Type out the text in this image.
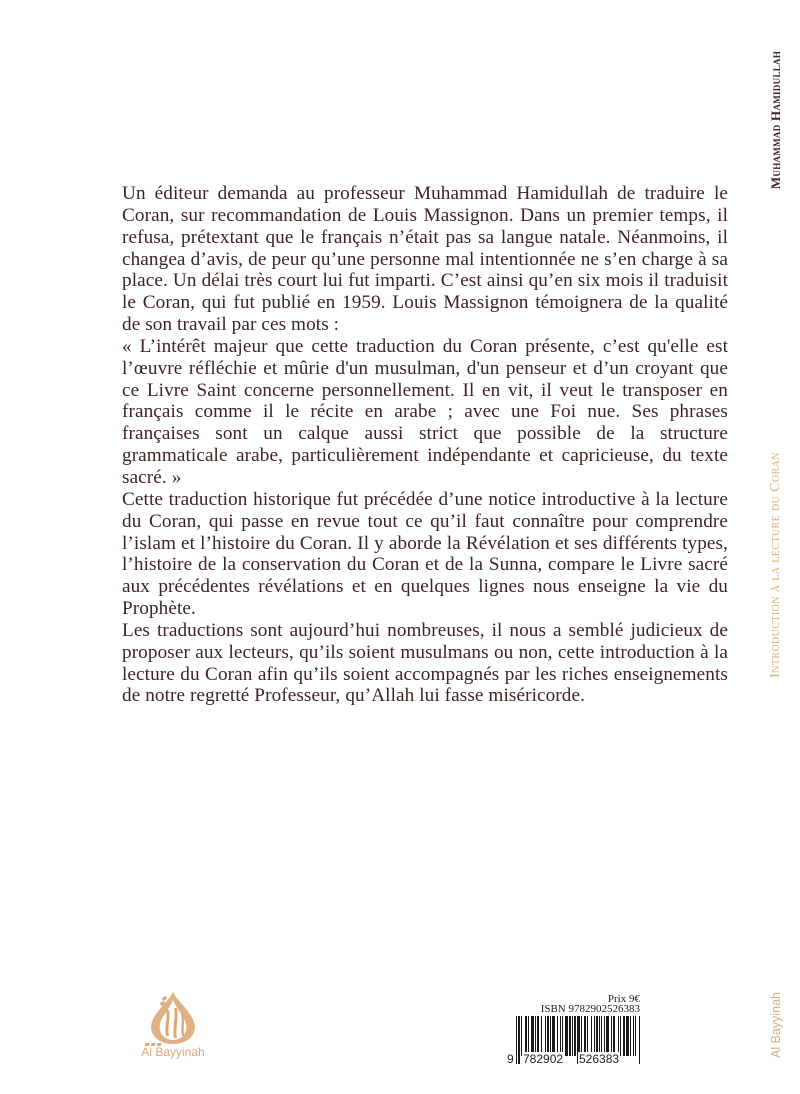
Un éditeur demanda au professeur Muhammad Hamidullah de traduire le Coran, sur recommandation de Louis Massignon. Dans un premier temps, il refusa, prétextant que le français n’était pas sa langue natale. Néanmoins, il changea d’avis, de peur qu’une personne mal intentionnée ne s’en charge à sa place. Un délai très court lui fut imparti. C’est ainsi qu’en six mois il traduisit le Coran, qui fut publié en 1959. Louis Massignon témoignera de la qualité de son travail par ces mots :

« L’intérêt majeur que cette traduction du Coran présente, c’est qu'elle est l’œuvre réfléchie et mûrie d'un musulman, d'un penseur et d’un croyant que ce Livre Saint concerne personnellement. Il en vit, il veut le transposer en français comme il le récite en arabe ; avec une Foi nue. Ses phrases françaises sont un calque aussi strict que possible de la structure grammaticale arabe, particulièrement indépendante et capricieuse, du texte sacré. »

Cette traduction historique fut précédée d’une notice introductive à la lecture du Coran, qui passe en revue tout ce qu’il faut connaître pour comprendre l’islam et l’histoire du Coran. Il y aborde la Révélation et ses différents types, l’histoire de la conservation du Coran et de la Sunna, compare le Livre sacré aux précédentes révélations et en quelques lignes nous enseigne la vie du Prophète.

Les traductions sont aujourd’hui nombreuses, il nous a semblé judicieux de proposer aux lecteurs, qu’ils soient musulmans ou non, cette introduction à la lecture du Coran afin qu’ils soient accompagnés par les riches enseignements de notre regretté Professeur, qu’Allah lui fasse miséricorde.

Al Bayyinah
Prix 9€
ISBN 9782902526383
9 782902 526383
Muhammad Hamidullah
Introduction à la lecture du Coran
Al Bayyinah
